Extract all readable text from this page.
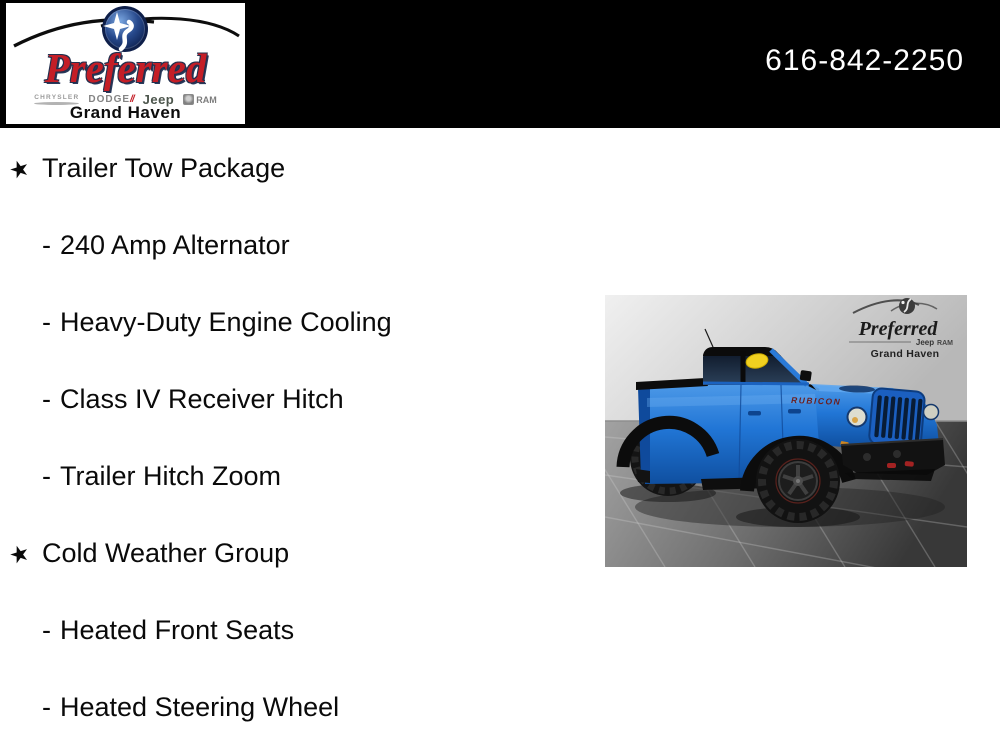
Preferred
CHRYSLER DODGE// Jeep RAM
Grand Haven
616-842-2250
★ Trailer Tow Package
- 240 Amp Alternator
- Heavy-Duty Engine Cooling
- Class IV Receiver Hitch
- Trailer Hitch Zoom
★ Cold Weather Group
- Heated Front Seats
- Heated Steering Wheel
Preferred
Jeep RAM
Grand Haven
RUBICON
